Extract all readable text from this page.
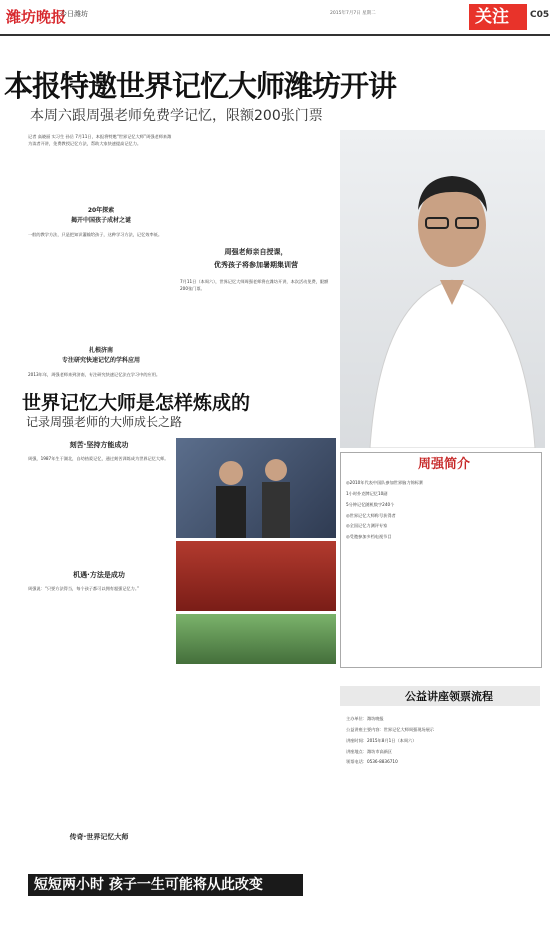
潍坊晚报
今日潍坊	2015年7月7日 星期二	关注	C05
本报特邀世界记忆大师潍坊开讲
本周六跟周强老师免费学记忆，限额200张门票

记者 高晓丽 实习生 孙岳 7月11日，本报将特邀“世界记忆大师”周强老师来潍为读者开讲，免费教授记忆方法，帮助大家快速提高记忆力。

20年探索
揭开中国孩子成材之谜

一般的教学方法，只是把知识灌输给孩子，这种学习方法，记忆效率低。

扎根济南
专注研究快速记忆的学科应用

2013年年，周强老师来到济南，专注研究快速记忆法在学习中的应用。

周强老师亲自授课，
优秀孩子将参加暑期集训营

7月11日（本周六），世界记忆大师周强老师将在潍坊开讲，本次活动免费，限额200张门票。

世界记忆大师是怎样炼成的
记录周强老师的大师成长之路
刻苦·坚持方能成功

周强，1987年生于湖北，自幼热爱记忆，通过刻苦训练成为世界记忆大师。

机遇·方法是成功

周强说：“只要方法得当，每个孩子都可以拥有超强记忆力。”

传奇·世界记忆大师
周强简介

◎2010年代表中国队参加世界脑力锦标赛

1小时扑克牌记忆10副

5分钟记忆随机数字240个

◎世界记忆大师称号获得者

◎全国记忆力测评专家

◎受邀参加多档电视节目

公益讲座领票流程

主办单位：潍坊晚报

公益讲座主要内容：世界记忆大师周强现场展示

讲座时间：2015年8月1日（本周六）

讲座地点：潍坊市高新区

领票电话：0536-8836710

短短两小时 孩子一生可能将从此改变
